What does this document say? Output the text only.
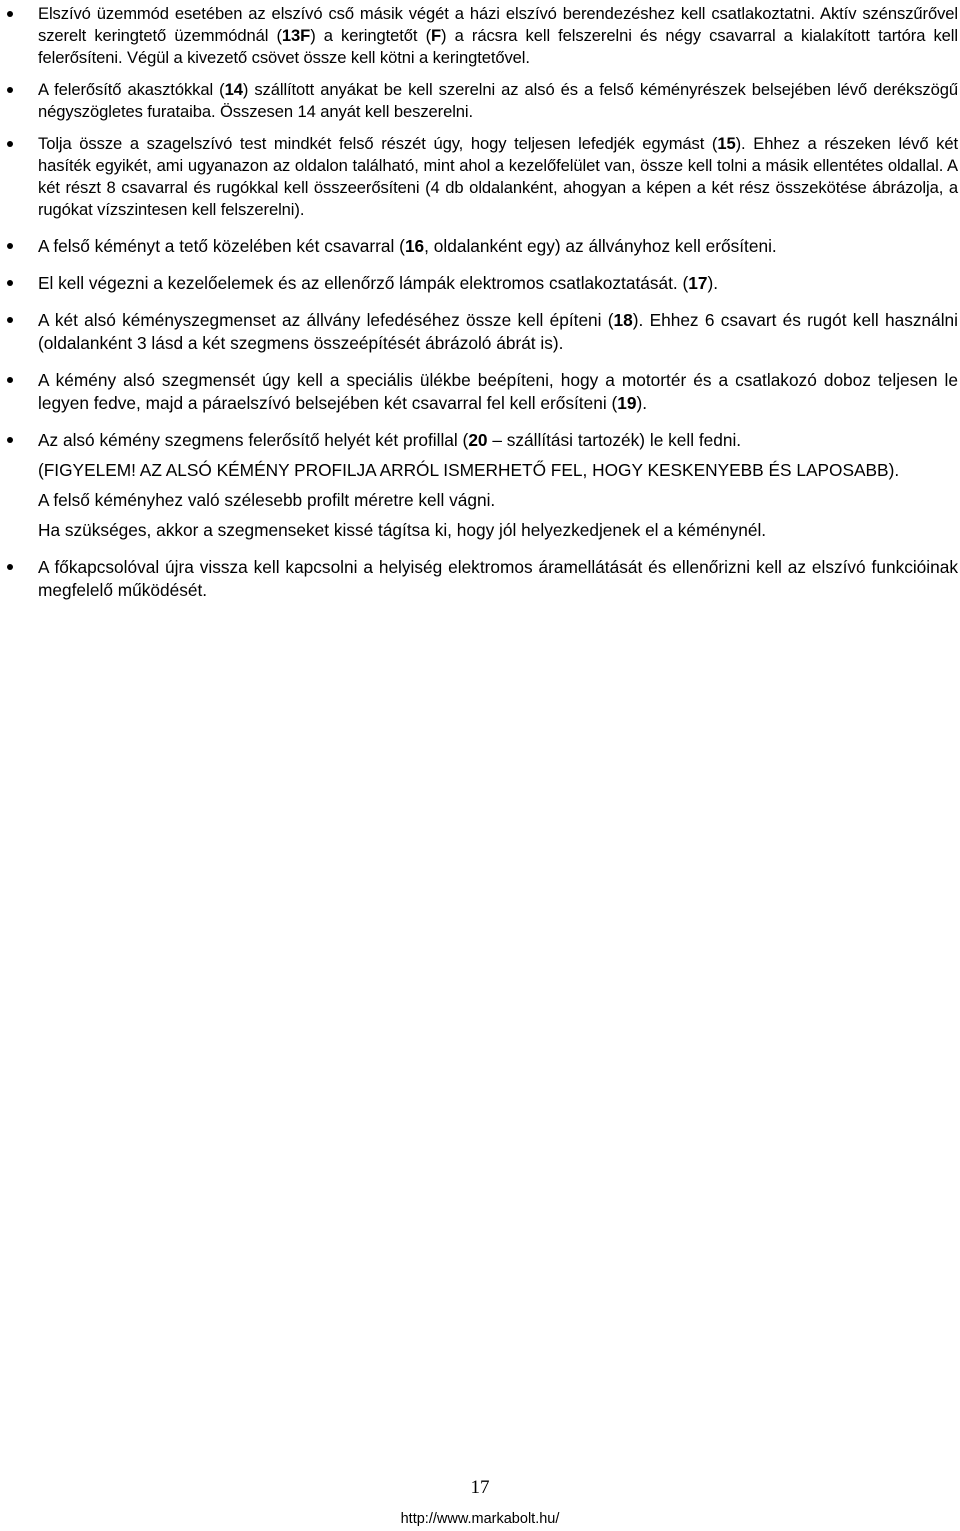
Elszívó üzemmód esetében az elszívó cső másik végét a házi elszívó berendezéshez kell csatlakoztatni. Aktív szénszűrővel szerelt keringtető üzemmódnál (13F) a keringtetőt (F) a rácsra kell felszerelni és négy csavarral a kialakított tartóra kell felerősíteni. Végül a kivezető csövet össze kell kötni a keringtetővel.
A felerősítő akasztókkal (14) szállított anyákat be kell szerelni az alsó és a felső kéményrészek belsejében lévő derékszögű négyszögletes furataiba. Összesen 14 anyát kell beszerelni.
Tolja össze a szagelszívó test mindkét felső részét úgy, hogy teljesen lefedjék egymást (15). Ehhez a részeken lévő két hasíték egyikét, ami ugyanazon az oldalon található, mint ahol a kezelőfelület van, össze kell tolni a másik ellentétes oldallal. A két részt 8 csavarral és rugókkal kell összeerősíteni (4 db oldalanként, ahogyan a képen a két rész összekötése ábrázolja, a rugókat vízszintesen kell felszerelni).
A felső kéményt a tető közelében két csavarral (16, oldalanként egy) az állványhoz kell erősíteni.
El kell végezni a kezelőelemek és az ellenőrző lámpák elektromos csatlakoztatását. (17).
A két alsó kéményszegmenset az állvány lefedéséhez össze kell építeni (18). Ehhez 6 csavart és rugót kell használni (oldalanként 3 lásd a két szegmens összeépítését ábrázoló ábrát is).
A kémény alsó szegmensét úgy kell a speciális ülékbe beépíteni, hogy a motortér és a csatlakozó doboz teljesen le legyen fedve, majd a páraelszívó belsejében két csavarral fel kell erősíteni (19).
Az alsó kémény szegmens felerősítő helyét két profillal (20 – szállítási tartozék) le kell fedni.
(FIGYELEM! AZ ALSÓ KÉMÉNY PROFILJA ARRÓL ISMERHETŐ FEL, HOGY KESKENYEBB ÉS LAPOSABB).
A felső kéményhez való szélesebb profilt méretre kell vágni.
Ha szükséges, akkor a szegmenseket kissé tágítsa ki, hogy jól helyezkedjenek el a kéménynél.
A főkapcsolóval újra vissza kell kapcsolni a helyiség elektromos áramellátását és ellenőrizni kell az elszívó funkcióinak megfelelő működését.
17
http://www.markabolt.hu/
